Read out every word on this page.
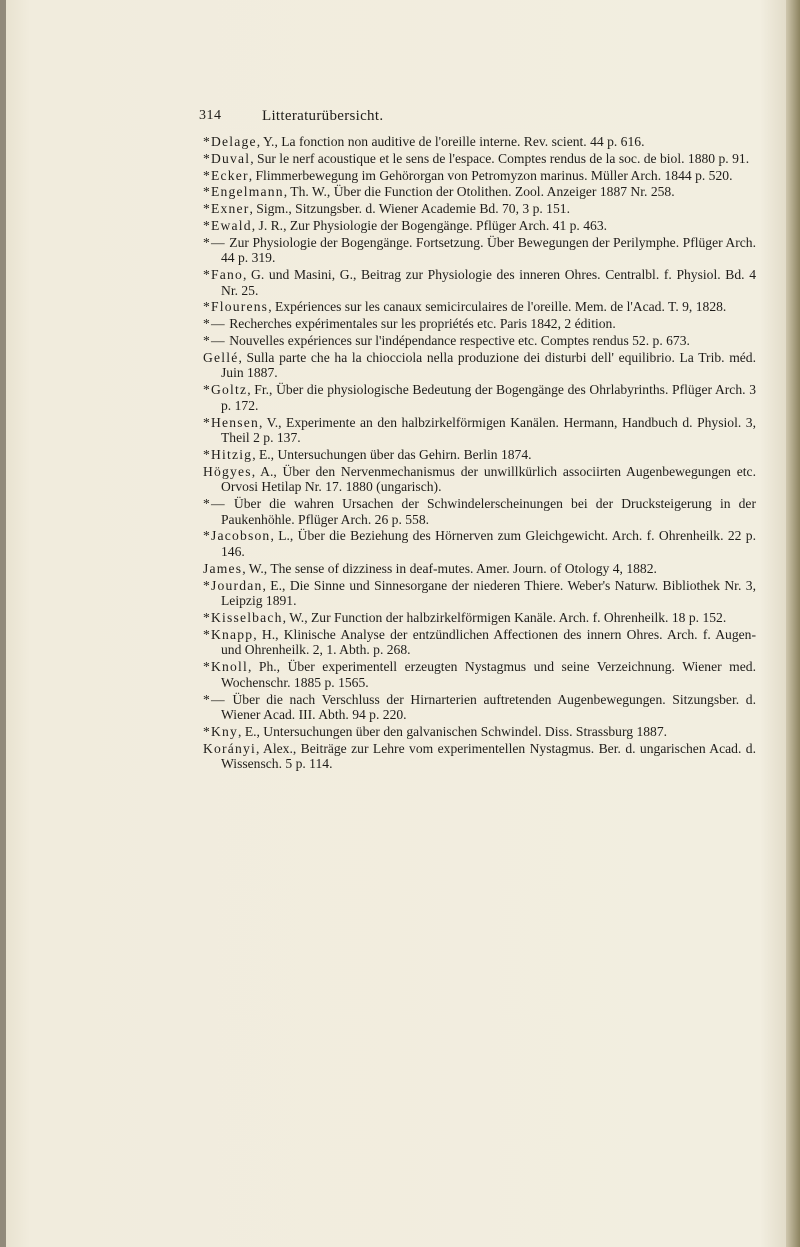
314	Litteraturübersicht.
*Delage, Y., La fonction non auditive de l'oreille interne. Rev. scient. 44 p. 616.
*Duval, Sur le nerf acoustique et le sens de l'espace. Comptes rendus de la soc. de biol. 1880 p. 91.
*Ecker, Flimmerbewegung im Gehörorgan von Petromyzon marinus. Müller Arch. 1844 p. 520.
*Engelmann, Th. W., Über die Function der Otolithen. Zool. Anzeiger 1887 Nr. 258.
*Exner, Sigm., Sitzungsber. d. Wiener Academie Bd. 70, 3 p. 151.
*Ewald, J. R., Zur Physiologie der Bogengänge. Pflüger Arch. 41 p. 463.
*— Zur Physiologie der Bogengänge. Fortsetzung. Über Bewegungen der Perilymphe. Pflüger Arch. 44 p. 319.
*Fano, G. und Masini, G., Beitrag zur Physiologie des inneren Ohres. Centralbl. f. Physiol. Bd. 4 Nr. 25.
*Flourens, Expériences sur les canaux semicirculaires de l'oreille. Mem. de l'Acad. T. 9, 1828.
*— Recherches expérimentales sur les propriétés etc. Paris 1842, 2 édition.
*— Nouvelles expériences sur l'indépendance respective etc. Comptes rendus 52. p. 673.
Gellé, Sulla parte che ha la chiocciola nella produzione dei disturbi dell' equilibrio. La Trib. méd. Juin 1887.
*Goltz, Fr., Über die physiologische Bedeutung der Bogengänge des Ohrlabyrinths. Pflüger Arch. 3 p. 172.
*Hensen, V., Experimente an den halbzirkelförmigen Kanälen. Hermann, Handbuch d. Physiol. 3, Theil 2 p. 137.
*Hitzig, E., Untersuchungen über das Gehirn. Berlin 1874.
Högyes, A., Über den Nervenmechanismus der unwillkürlich associirten Augenbewegungen etc. Orvosi Hetilap Nr. 17. 1880 (ungarisch).
*— Über die wahren Ursachen der Schwindelerscheinungen bei der Drucksteigerung in der Paukenhöhle. Pflüger Arch. 26 p. 558.
*Jacobson, L., Über die Beziehung des Hörnerven zum Gleichgewicht. Arch. f. Ohrenheilk. 22 p. 146.
James, W., The sense of dizziness in deaf-mutes. Amer. Journ. of Otology 4, 1882.
*Jourdan, E., Die Sinne und Sinnesorgane der niederen Thiere. Weber's Naturw. Bibliothek Nr. 3, Leipzig 1891.
*Kisselbach, W., Zur Function der halbzirkelförmigen Kanäle. Arch. f. Ohrenheilk. 18 p. 152.
*Knapp, H., Klinische Analyse der entzündlichen Affectionen des innern Ohres. Arch. f. Augen- und Ohrenheilk. 2, 1. Abth. p. 268.
*Knoll, Ph., Über experimentell erzeugten Nystagmus und seine Verzeichnung. Wiener med. Wochenschr. 1885 p. 1565.
*— Über die nach Verschluss der Hirnarterien auftretenden Augenbewegungen. Sitzungsber. d. Wiener Acad. III. Abth. 94 p. 220.
*Kny, E., Untersuchungen über den galvanischen Schwindel. Diss. Strassburg 1887.
Korányi, Alex., Beiträge zur Lehre vom experimentellen Nystagmus. Ber. d. ungarischen Acad. d. Wissensch. 5 p. 114.
